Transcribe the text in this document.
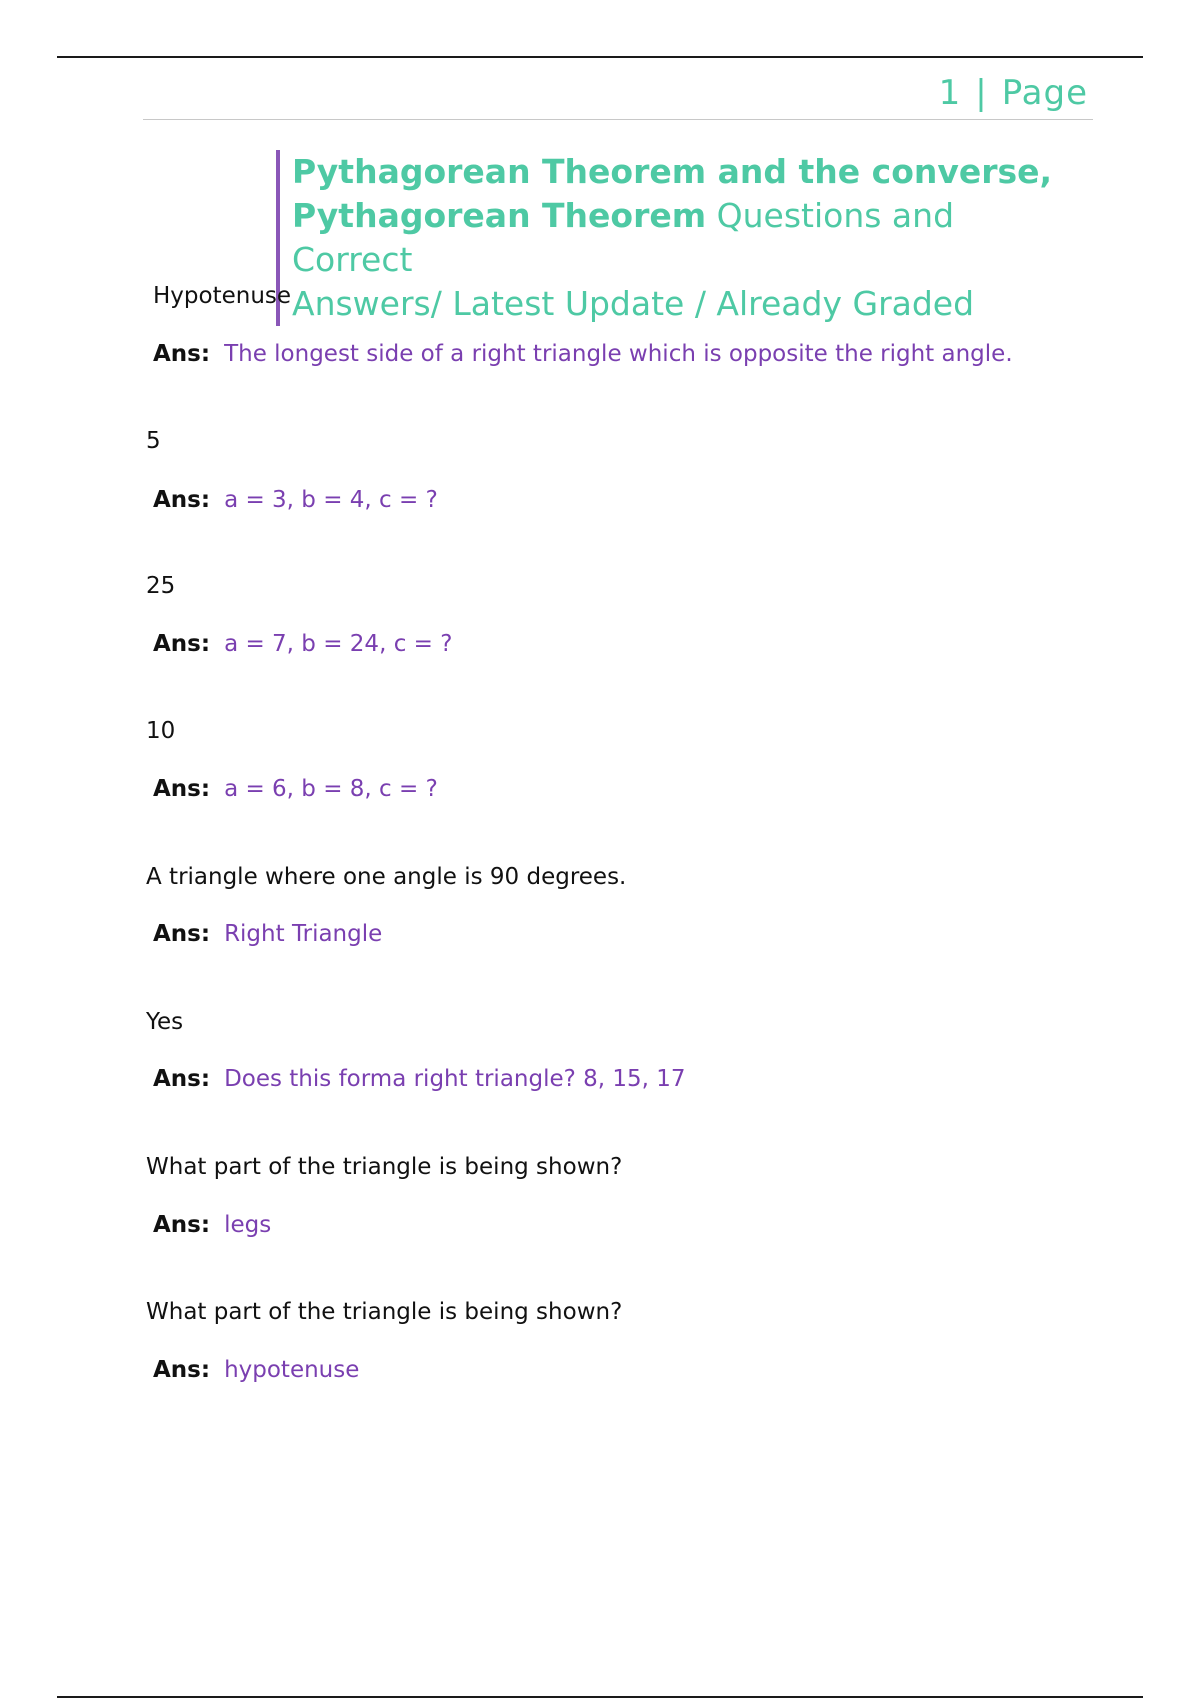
1 | Page
Pythagorean Theorem and the converse,
Pythagorean Theorem Questions and Correct
Answers/ Latest Update / Already Graded
Hypotenuse
Ans: The longest side of a right triangle which is opposite the right angle.
5
Ans: a = 3, b = 4, c = ?
25
Ans: a = 7, b = 24, c = ?
10
Ans: a = 6, b = 8, c = ?
A triangle where one angle is 90 degrees.
Ans: Right Triangle
Yes
Ans: Does this forma right triangle? 8, 15, 17
What part of the triangle is being shown?
Ans: legs
What part of the triangle is being shown?
Ans: hypotenuse
